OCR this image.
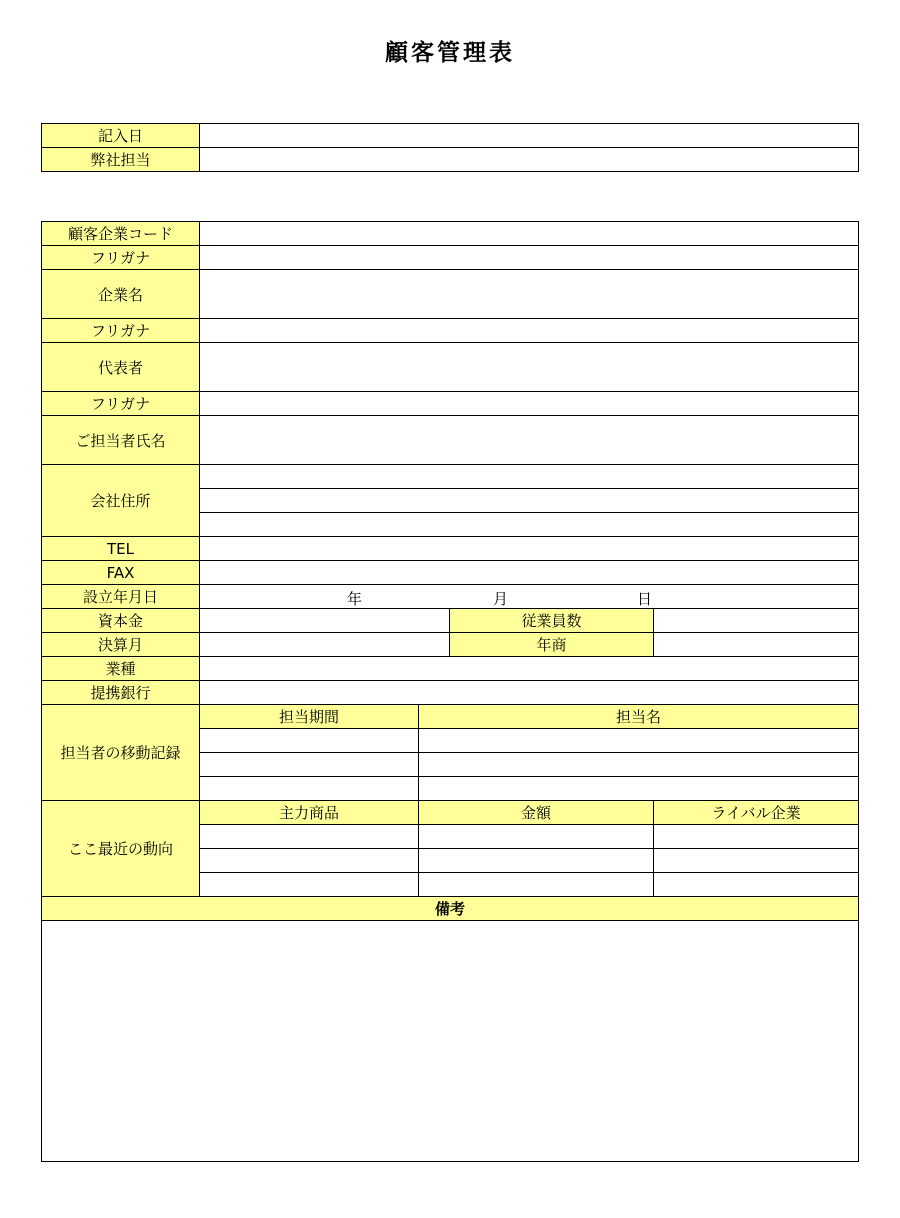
顧客管理表
記入日	
弊社担当	
顧客企業コード				
フリガナ				
企業名				
フリガナ				
代表者				
フリガナ				
ご担当者氏名				
会社住所				

TEL				
FAX				
設立年月日	年 月 日			

資本金			従業員数	
決算月			年商	
業種				
提携銀行				
担当者の移動記録	担当期間	担当名		

ここ最近の動向	主力商品	金額		ライバル企業

備考				
